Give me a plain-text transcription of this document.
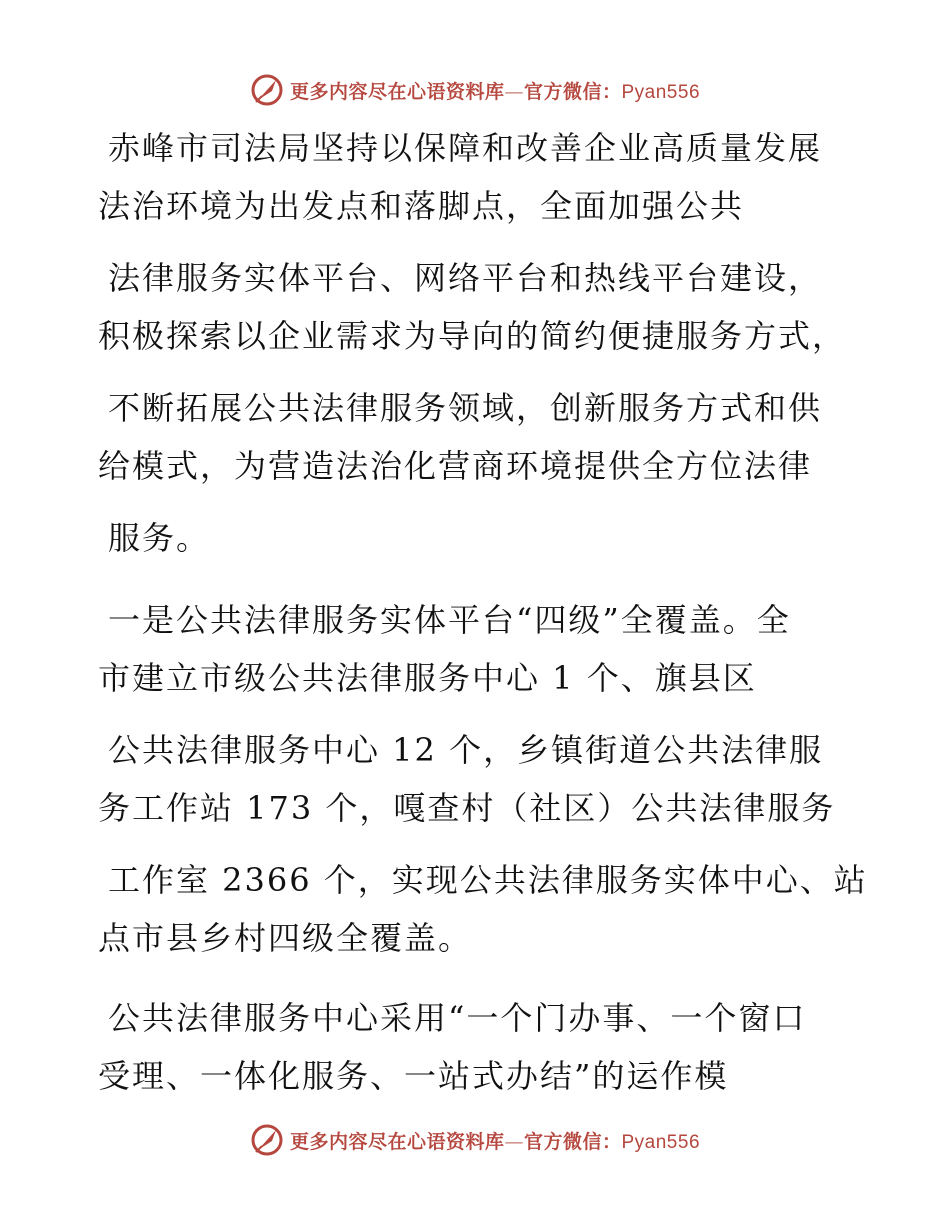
更多内容尽在心语资料库—官方微信：Pyan556
赤峰市司法局坚持以保障和改善企业高质量发展
法治环境为出发点和落脚点，全面加强公共
法律服务实体平台、网络平台和热线平台建设，
积极探索以企业需求为导向的简约便捷服务方式，
不断拓展公共法律服务领域，创新服务方式和供
给模式，为营造法治化营商环境提供全方位法律
服务。
一是公共法律服务实体平台“四级”全覆盖。全
市建立市级公共法律服务中心 1 个、旗县区
公共法律服务中心 12 个，乡镇街道公共法律服
务工作站 173 个，嘎查村（社区）公共法律服务
工作室 2366 个，实现公共法律服务实体中心、站
点市县乡村四级全覆盖。
公共法律服务中心采用“一个门办事、一个窗口
受理、一体化服务、一站式办结”的运作模
更多内容尽在心语资料库—官方微信：Pyan556
